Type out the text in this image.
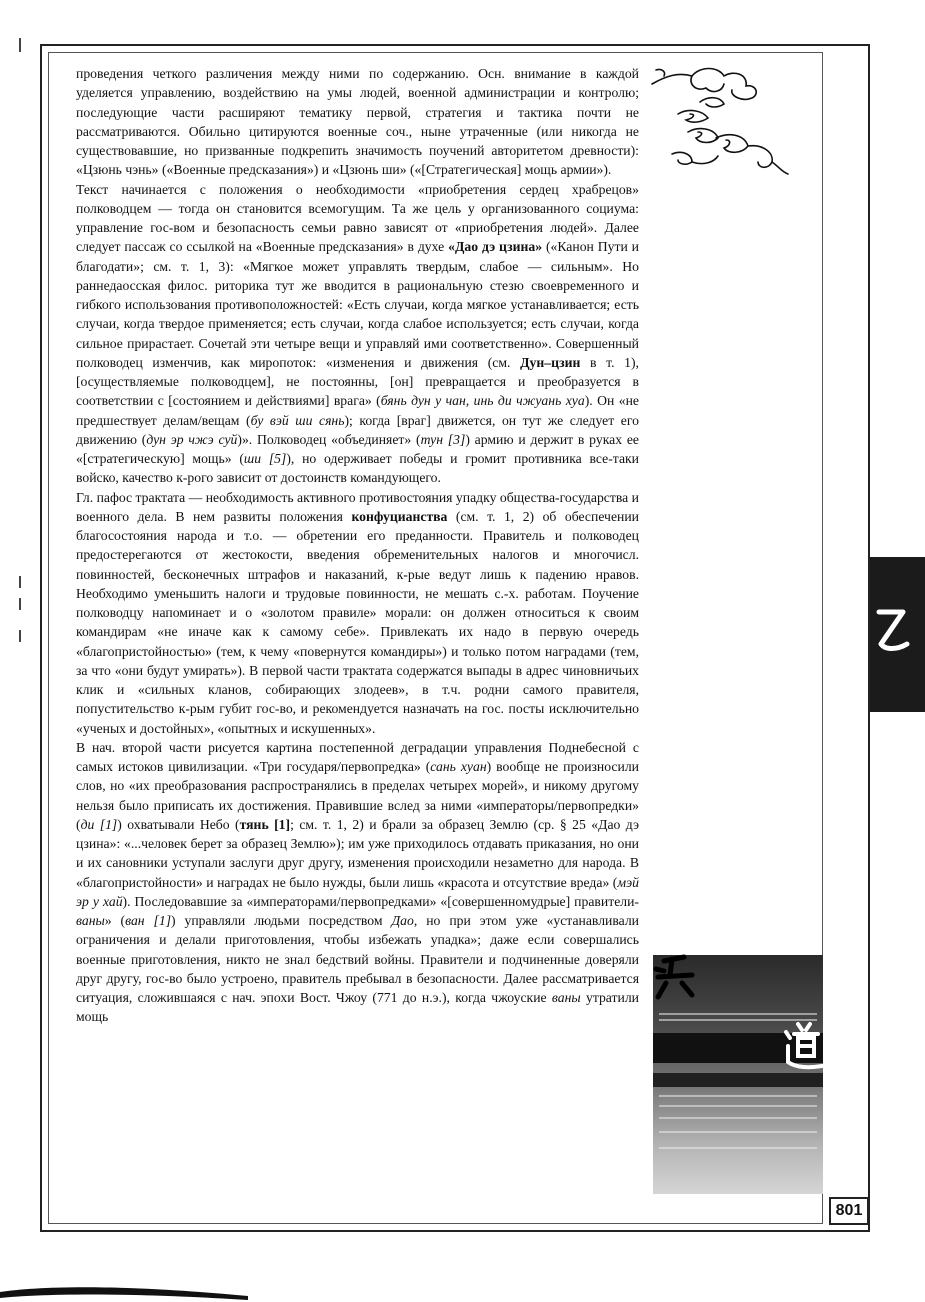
проведения четкого различения между ними по содержанию. Осн. внимание в каждой уделяется управлению, воздействию на умы людей, военной администрации и контролю; последующие части расширяют тематику первой, стратегия и тактика почти не рассматриваются. Обильно цитируются военные соч., ныне утраченные (или никогда не существовавшие, но призванные подкрепить значимость поучений авторитетом древности): «Цзюнь чэнь» («Военные предсказания») и «Цзюнь ши» («[Стратегическая] мощь армии»).

Текст начинается с положения о необходимости «приобретения сердец храбрецов» полководцем — тогда он становится всемогущим. Та же цель у организованного социума: управление гос-вом и безопасность семьи равно зависят от «приобретения людей». Далее следует пассаж со ссылкой на «Военные предсказания» в духе «Дао дэ цзина» («Канон Пути и благодати»; см. т. 1, 3): «Мягкое может управлять твердым, слабое — сильным». Но раннедаосская филос. риторика тут же вводится в рациональную стезю своевременного и гибкого использования противоположностей: «Есть случаи, когда мягкое устанавливается; есть случаи, когда твердое применяется; есть случаи, когда слабое используется; есть случаи, когда сильное прирастает. Сочетай эти четыре вещи и управляй ими соответственно». Совершенный полководец изменчив, как миропоток: «изменения и движения (см. Дун–цзин в т. 1), [осуществляемые полководцем], не постоянны, [он] превращается и преобразуется в соответствии с [состоянием и действиями] врага» (бянь дун у чан, инь ди чжуань хуа). Он «не предшествует делам/вещам (бу вэй ши сянь); когда [враг] движется, он тут же следует его движению (дун эр чжэ суй)». Полководец «объединяет» (тун [3]) армию и держит в руках ее «[стратегическую] мощь» (ши [5]), но одерживает победы и громит противника все-таки войско, качество к-рого зависит от достоинств командующего.

Гл. пафос трактата — необходимость активного противостояния упадку общества-государства и военного дела. В нем развиты положения конфуцианства (см. т. 1, 2) об обеспечении благосостояния народа и т.о. — обретении его преданности. Правитель и полководец предостерегаются от жестокости, введения обременительных налогов и многочисл. повинностей, бесконечных штрафов и наказаний, к-рые ведут лишь к падению нравов. Необходимо уменьшить налоги и трудовые повинности, не мешать с.-х. работам. Поучение полководцу напоминает и о «золотом правиле» морали: он должен относиться к своим командирам «не иначе как к самому себе». Привлекать их надо в первую очередь «благопристойностью» (тем, к чему «повернутся командиры») и только потом наградами (тем, за что «они будут умирать»). В первой части трактата содержатся выпады в адрес чиновничьих клик и «сильных кланов, собирающих злодеев», в т.ч. родни самого правителя, попустительство к-рым губит гос-во, и рекомендуется назначать на гос. посты исключительно «ученых и достойных», «опытных и искушенных».

В нач. второй части рисуется картина постепенной деградации управления Поднебесной с самых истоков цивилизации. «Три государя/первопредка» (сань хуан) вообще не произносили слов, но «их преобразования распространялись в пределах четырех морей», и никому другому нельзя было приписать их достижения. Правившие вслед за ними «императоры/первопредки» (ди [1]) охватывали Небо (тянь [1]; см. т. 1, 2) и брали за образец Землю (ср. § 25 «Дао дэ цзина»: «...человек берет за образец Землю»); им уже приходилось отдавать приказания, но они и их сановники уступали заслуги друг другу, изменения происходили незаметно для народа. В «благопристойности» и наградах не было нужды, были лишь «красота и отсутствие вреда» (мэй эр у хай). Последовавшие за «императорами/первопредками» «[совершенномудрые] правители-ваны» (ван [1]) управляли людьми посредством Дао, но при этом уже «устанавливали ограничения и делали приготовления, чтобы избежать упадка»; даже если совершались военные приготовления, никто не знал бедствий войны. Правители и подчиненные доверяли друг другу, гос-во было устроено, правитель пребывал в безопасности. Далее рассматривается ситуация, сложившаяся с нач. эпохи Вост. Чжоу (771 до н.э.), когда чжоуские ваны утратили мощь

801
